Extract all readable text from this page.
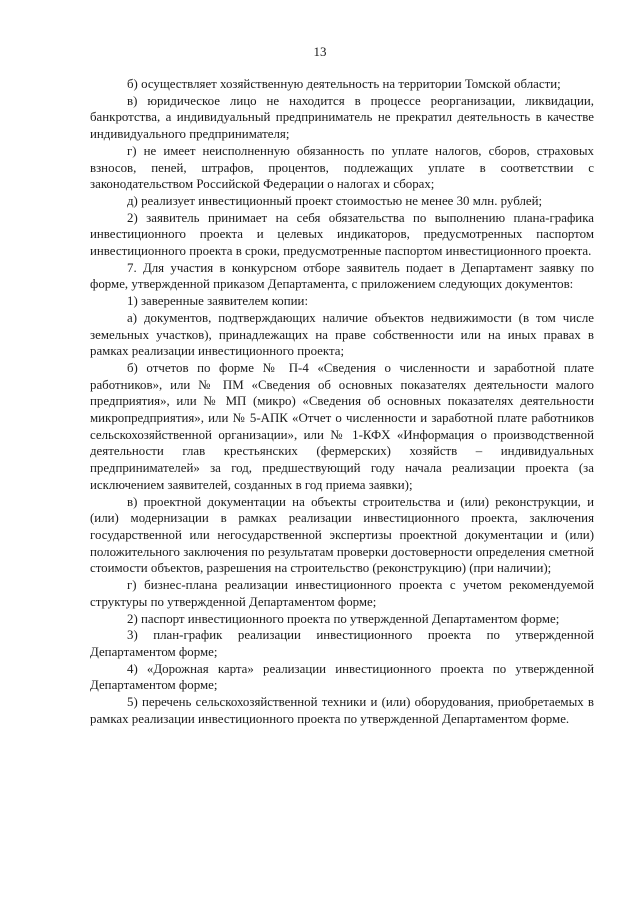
13

б) осуществляет хозяйственную деятельность на территории Томской области;

в) юридическое лицо не находится в процессе реорганизации, ликвидации, банкротства, а индивидуальный предприниматель не прекратил деятельность в качестве индивидуального предпринимателя;

г) не имеет неисполненную обязанность по уплате налогов, сборов, страховых взносов, пеней, штрафов, процентов, подлежащих уплате в соответствии с законодательством Российской Федерации о налогах и сборах;

д) реализует инвестиционный проект стоимостью не менее 30 млн. рублей;

2) заявитель принимает на себя обязательства по выполнению плана-графика инвестиционного проекта и целевых индикаторов, предусмотренных паспортом инвестиционного проекта в сроки, предусмотренные паспортом инвестиционного проекта.

7. Для участия в конкурсном отборе заявитель подает в Департамент заявку по форме, утвержденной приказом Департамента, с приложением следующих документов:

1) заверенные заявителем копии:

а) документов, подтверждающих наличие объектов недвижимости (в том числе земельных участков), принадлежащих на праве собственности или на иных правах в рамках реализации инвестиционного проекта;

б) отчетов по форме № П-4 «Сведения о численности и заработной плате работников», или № ПМ «Сведения об основных показателях деятельности малого предприятия», или № МП (микро) «Сведения об основных показателях деятельности микропредприятия», или № 5-АПК «Отчет о численности и заработной плате работников сельскохозяйственной организации», или № 1-КФХ «Информация о производственной деятельности глав крестьянских (фермерских) хозяйств – индивидуальных предпринимателей» за год, предшествующий году начала реализации проекта (за исключением заявителей, созданных в год приема заявки);

в) проектной документации на объекты строительства и (или) реконструкции, и (или) модернизации в рамках реализации инвестиционного проекта, заключения государственной или негосударственной экспертизы проектной документации и (или) положительного заключения по результатам проверки достоверности определения сметной стоимости объектов, разрешения на строительство (реконструкцию) (при наличии);

г) бизнес-плана реализации инвестиционного проекта с учетом рекомендуемой структуры по утвержденной Департаментом форме;

2) паспорт инвестиционного проекта по утвержденной Департаментом форме;

3) план-график реализации инвестиционного проекта по утвержденной Департаментом форме;

4) «Дорожная карта» реализации инвестиционного проекта по утвержденной Департаментом форме;

5) перечень сельскохозяйственной техники и (или) оборудования, приобретаемых в рамках реализации инвестиционного проекта по утвержденной Департаментом форме.
